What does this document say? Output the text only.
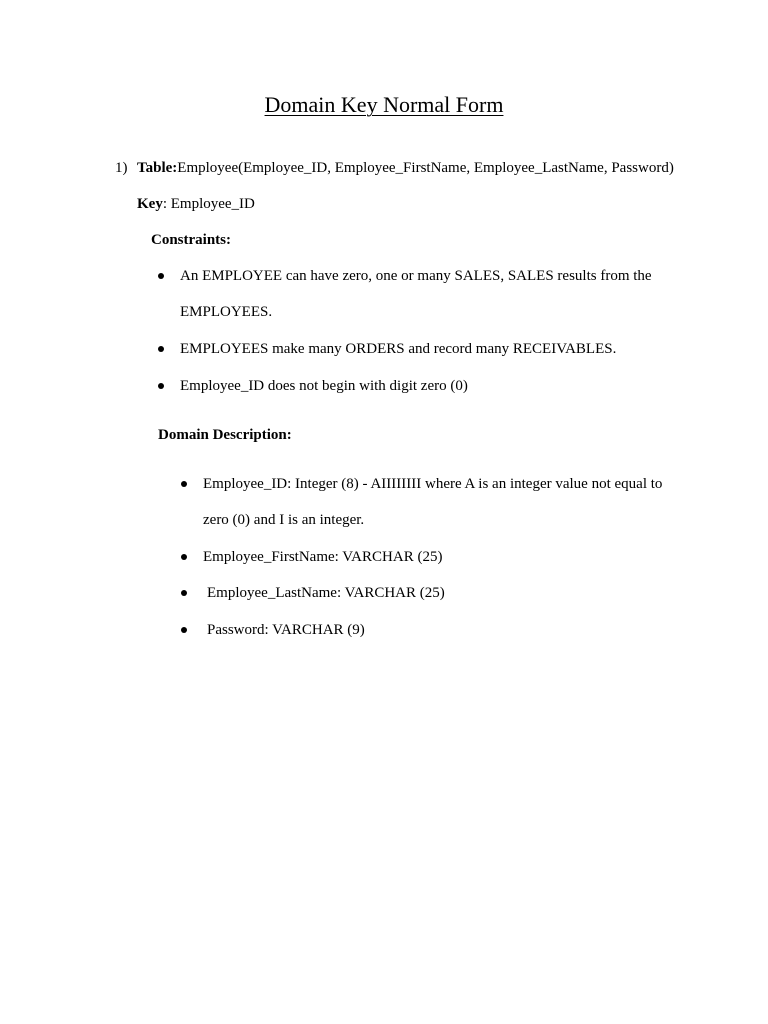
Domain Key Normal Form
1) Table:Employee(Employee_ID, Employee_FirstName, Employee_LastName, Password)
Key: Employee_ID
Constraints:
An EMPLOYEE can have zero, one or many SALES, SALES results from the
EMPLOYEES.
EMPLOYEES make many ORDERS and record many RECEIVABLES.
Employee_ID does not begin with digit zero (0)
Domain Description:
Employee_ID: Integer (8) - AIIIIIIII where A is an integer value not equal to
zero (0) and I is an integer.
Employee_FirstName: VARCHAR (25)
Employee_LastName: VARCHAR (25)
Password: VARCHAR (9)
